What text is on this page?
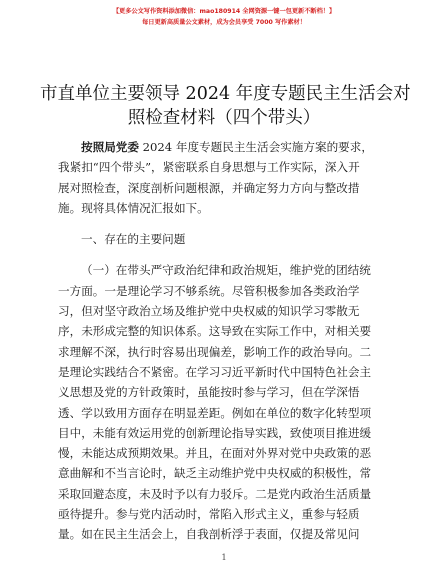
【更多公文写作资料添加微信：mao180914 全网资源一键一包更新不断档！】
每日更新高质量公文素材，成为会员享受 7000 写作素材！
市直单位主要领导 2024 年度专题民主生活会对
照检查材料（四个带头）
按照局党委 2024 年度专题民主生活会实施方案的要求，
我紧扣“四个带头”，紧密联系自身思想与工作实际，深入开
展对照检查，深度剖析问题根源，并确定努力方向与整改措
施。现将具体情况汇报如下。
一、存在的主要问题
（一）在带头严守政治纪律和政治规矩，维护党的团结统
一方面。一是理论学习不够系统。尽管积极参加各类政治学
习，但对坚守政治立场及维护党中央权威的知识学习零散无
序，未形成完整的知识体系。这导致在实际工作中，对相关要
求理解不深，执行时容易出现偏差，影响工作的政治导向。二
是理论实践结合不紧密。在学习习近平新时代中国特色社会主
义思想及党的方针政策时，虽能按时参与学习，但在学深悟
透、学以致用方面存在明显差距。例如在单位的数字化转型项
目中，未能有效运用党的创新理论指导实践，致使项目推进缓
慢，未能达成预期效果。并且，在面对外界对党中央政策的恶
意曲解和不当言论时，缺乏主动维护党中央权威的积极性，常
采取回避态度，未及时予以有力驳斥。二是党内政治生活质量
亟待提升。参与党内活动时，常陷入形式主义，重参与轻质
量。如在民主生活会上，自我剖析浮于表面，仅提及常见问
1
